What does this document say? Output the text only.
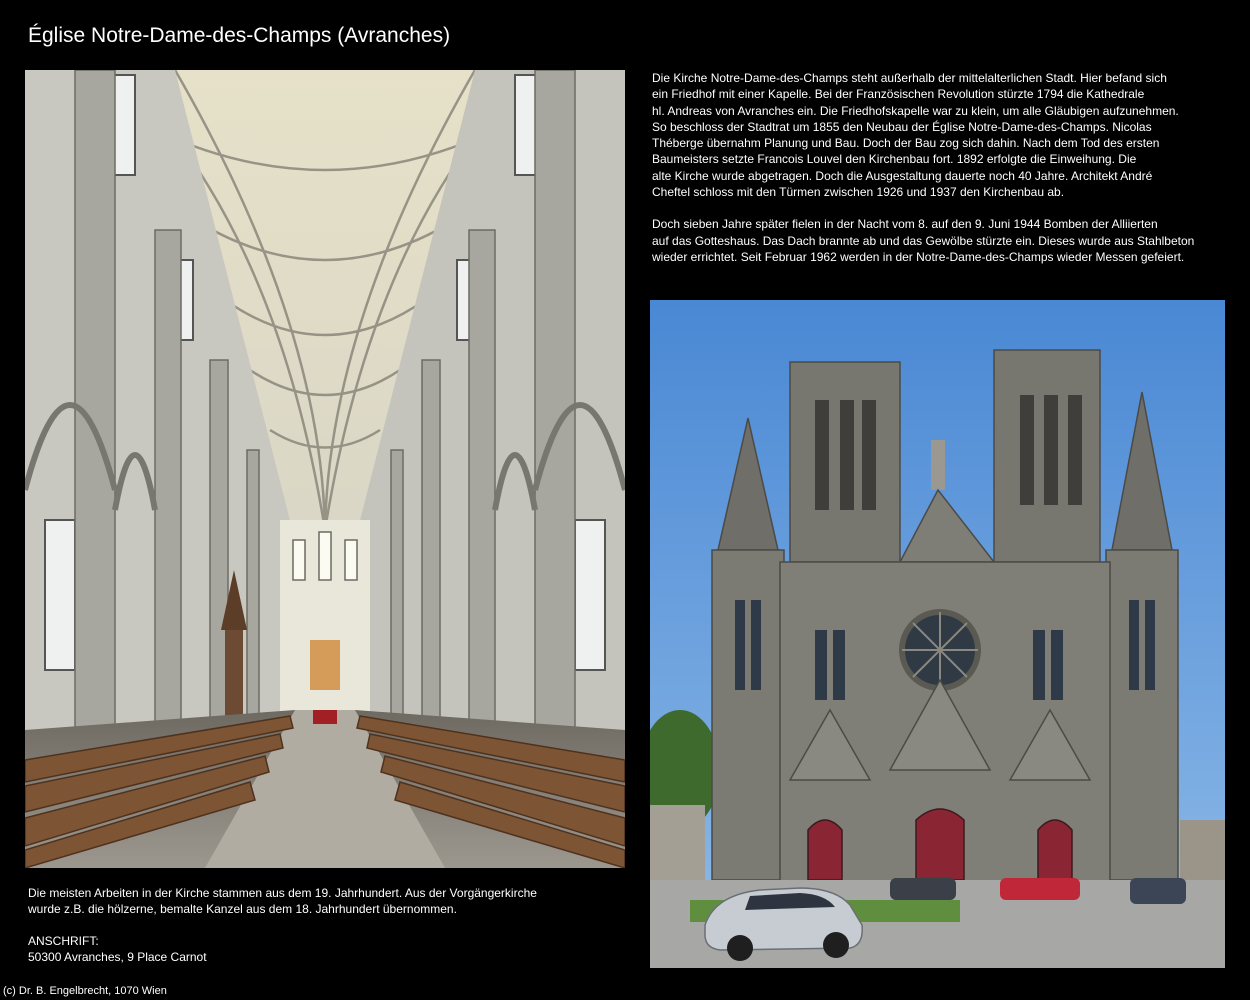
Église Notre-Dame-des-Champs (Avranches)

Die Kirche Notre-Dame-des-Champs steht außerhalb der mittelalterlichen Stadt. Hier befand sich
ein Friedhof mit einer Kapelle. Bei der Französischen Revolution stürzte 1794 die Kathedrale
hl. Andreas von Avranches ein. Die Friedhofskapelle war zu klein, um alle Gläubigen aufzunehmen.
So beschloss der Stadtrat um 1855 den Neubau der Église Notre-Dame-des-Champs. Nicolas
Théberge übernahm Planung und Bau. Doch der Bau zog sich dahin. Nach dem Tod des ersten
Baumeisters setzte Francois Louvel den Kirchenbau fort. 1892 erfolgte die Einweihung. Die
alte Kirche wurde abgetragen. Doch die Ausgestaltung dauerte noch 40 Jahre. Architekt André
Cheftel schloss mit den Türmen zwischen 1926 und 1937 den Kirchenbau ab.

Doch sieben Jahre später fielen in der Nacht vom 8. auf den 9. Juni 1944 Bomben der Alliierten
auf das Gotteshaus. Das Dach brannte ab und das Gewölbe stürzte ein. Dieses wurde aus Stahlbeton
wieder errichtet. Seit Februar 1962 werden in der Notre-Dame-des-Champs wieder Messen gefeiert.

Die meisten Arbeiten in der Kirche stammen aus dem 19. Jahrhundert. Aus der Vorgängerkirche
wurde z.B. die hölzerne, bemalte Kanzel aus dem 18. Jahrhundert übernommen.

ANSCHRIFT:
50300 Avranches, 9 Place Carnot

(c) Dr. B. Engelbrecht, 1070 Wien
